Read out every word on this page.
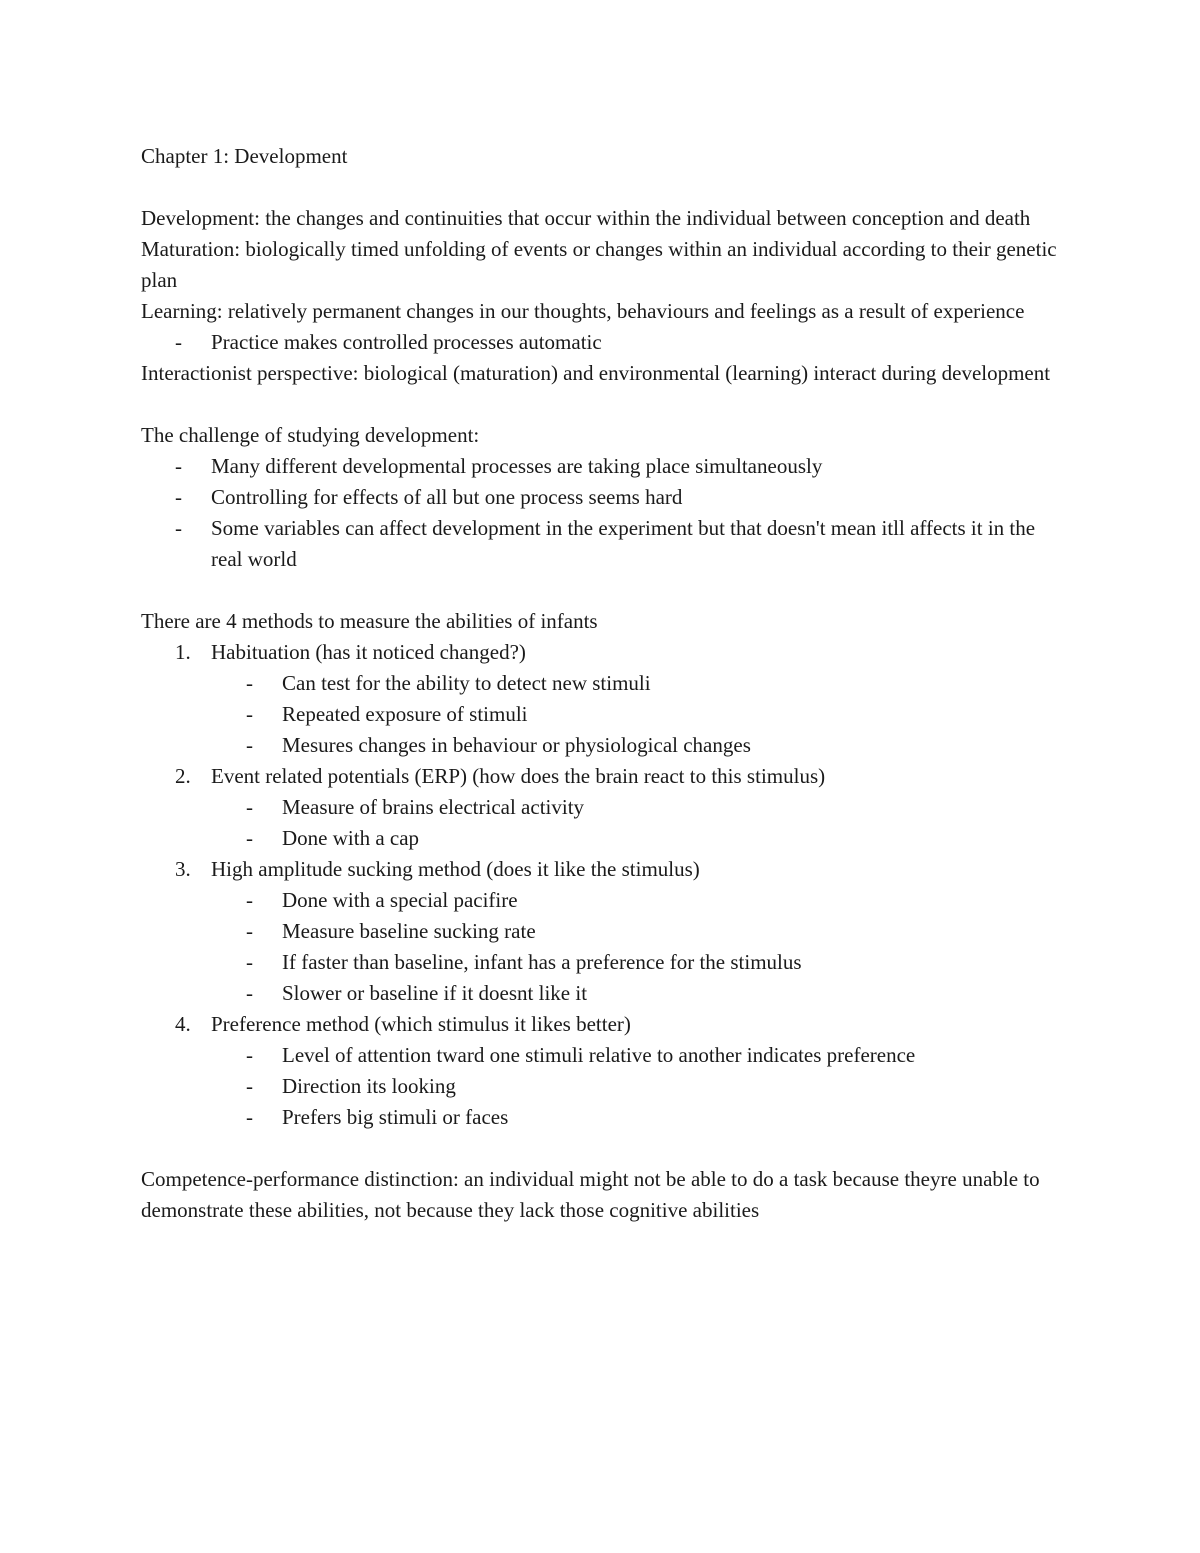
Chapter 1: Development

Development: the changes and continuities that occur within the individual between conception and death

Maturation: biologically timed unfolding of events or changes within an individual according to their genetic plan

Learning: relatively permanent changes in our thoughts, behaviours and feelings as a result of experience

-	Practice makes controlled processes automatic

Interactionist perspective: biological (maturation) and environmental (learning) interact during development

The challenge of studying development:

-	Many different developmental processes are taking place simultaneously
-	Controlling for effects of all but one process seems hard
-	Some variables can affect development in the experiment but that doesn't mean itll affects it in the real world

There are 4 methods to measure the abilities of infants

1. Habituation (has it noticed changed?)
-	Can test for the ability to detect new stimuli
-	Repeated exposure of stimuli
-	Mesures changes in behaviour or physiological changes
2. Event related potentials (ERP) (how does the brain react to this stimulus)
-	Measure of brains electrical activity
-	Done with a cap
3. High amplitude sucking method (does it like the stimulus)
-	Done with a special pacifire
-	Measure baseline sucking rate
-	If faster than baseline, infant has a preference for the stimulus
-	Slower or baseline if it doesnt like it
4. Preference method (which stimulus it likes better)
-	Level of attention tward one stimuli relative to another indicates preference
-	Direction its looking
-	Prefers big stimuli or faces

Competence-performance distinction: an individual might not be able to do a task because theyre unable to demonstrate these abilities, not because they lack those cognitive abilities
